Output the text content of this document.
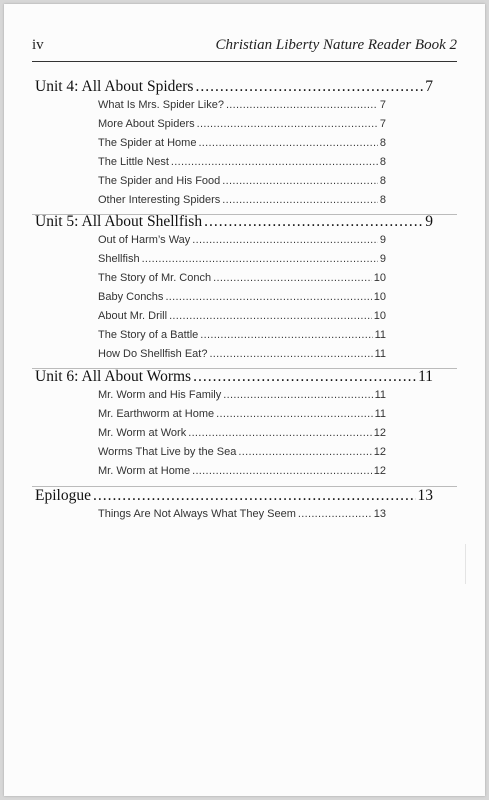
iv	Christian Liberty Nature Reader Book 2
Unit 4: All About Spiders .....	7
What Is Mrs. Spider Like? .....	7
More About Spiders .....	7
The Spider at Home .....	8
The Little Nest .....	8
The Spider and His Food .....	8
Other Interesting Spiders .....	8
Unit 5: All About Shellfish .....	9
Out of Harm’s Way .....	9
Shellfish .....	9
The Story of Mr. Conch .....	10
Baby Conchs .....	10
About Mr. Drill .....	10
The Story of a Battle .....	11
How Do Shellfish Eat? .....	11
Unit 6: All About Worms .....	11
Mr. Worm and His Family .....	11
Mr. Earthworm at Home .....	11
Mr. Worm at Work .....	12
Worms That Live by the Sea .....	12
Mr. Worm at Home .....	12
Epilogue .....	13
Things Are Not Always What They Seem .....	13
